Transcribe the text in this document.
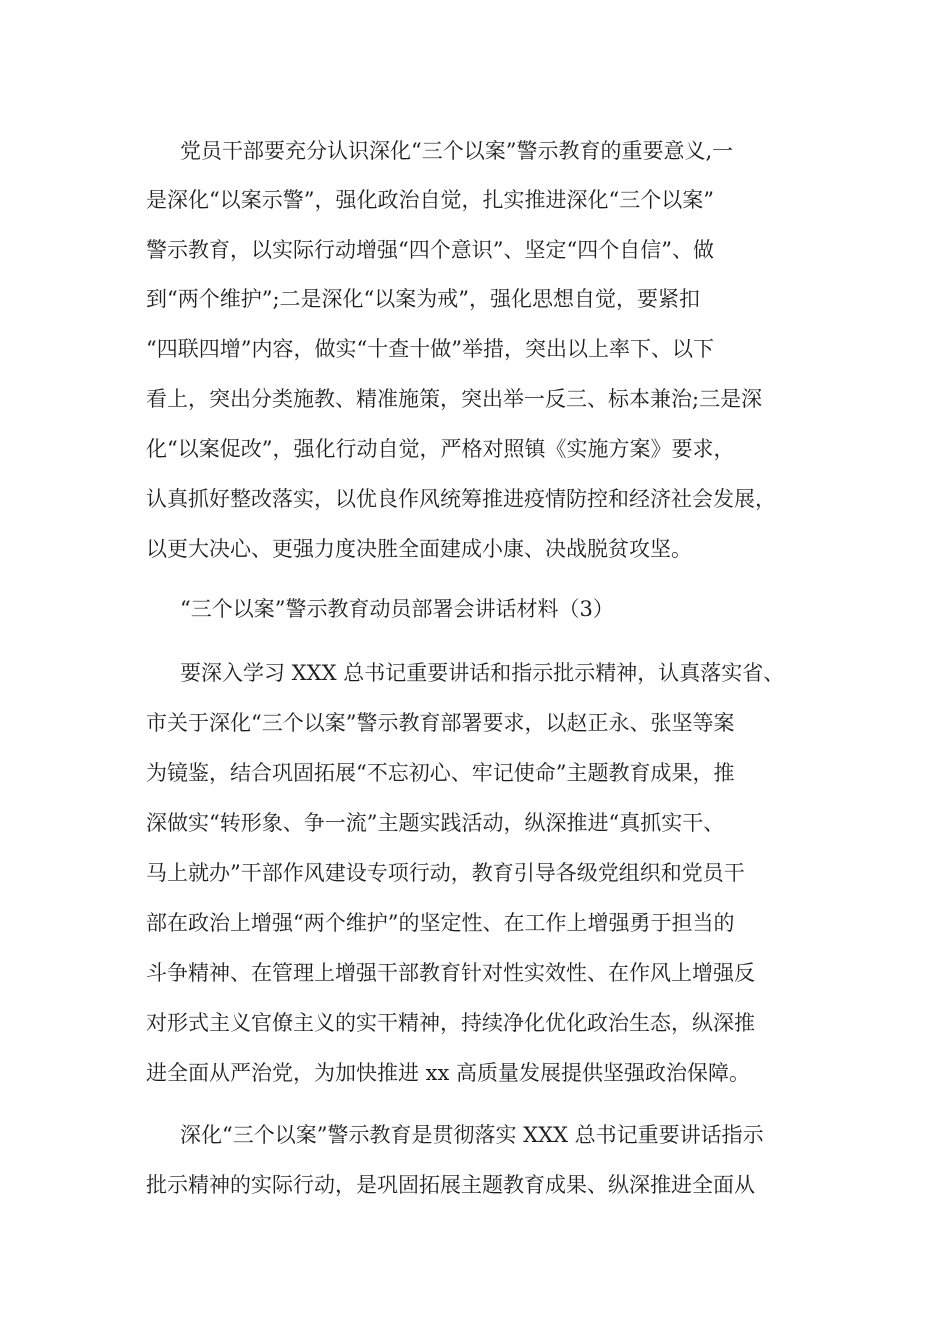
党员干部要充分认识深化“三个以案”警示教育的重要意义,一

是深化“以案示警”，强化政治自觉，扎实推进深化“三个以案”

警示教育，以实际行动增强“四个意识”、坚定“四个自信”、做

到“两个维护”;二是深化“以案为戒”，强化思想自觉，要紧扣

“四联四增”内容，做实“十查十做”举措，突出以上率下、以下

看上，突出分类施教、精准施策，突出举一反三、标本兼治;三是深

化“以案促改”，强化行动自觉，严格对照镇《实施方案》要求，

认真抓好整改落实，以优良作风统筹推进疫情防控和经济社会发展，

以更大决心、更强力度决胜全面建成小康、决战脱贫攻坚。

“三个以案”警示教育动员部署会讲话材料（3）

要深入学习 XXX 总书记重要讲话和指示批示精神，认真落实省、

市关于深化“三个以案”警示教育部署要求，以赵正永、张坚等案

为镜鉴，结合巩固拓展“不忘初心、牢记使命”主题教育成果，推

深做实“转形象、争一流”主题实践活动，纵深推进“真抓实干、

马上就办”干部作风建设专项行动，教育引导各级党组织和党员干

部在政治上增强“两个维护”的坚定性、在工作上增强勇于担当的

斗争精神、在管理上增强干部教育针对性实效性、在作风上增强反

对形式主义官僚主义的实干精神，持续净化优化政治生态，纵深推

进全面从严治党，为加快推进 xx 高质量发展提供坚强政治保障。

深化“三个以案”警示教育是贯彻落实 XXX 总书记重要讲话指示

批示精神的实际行动，是巩固拓展主题教育成果、纵深推进全面从
